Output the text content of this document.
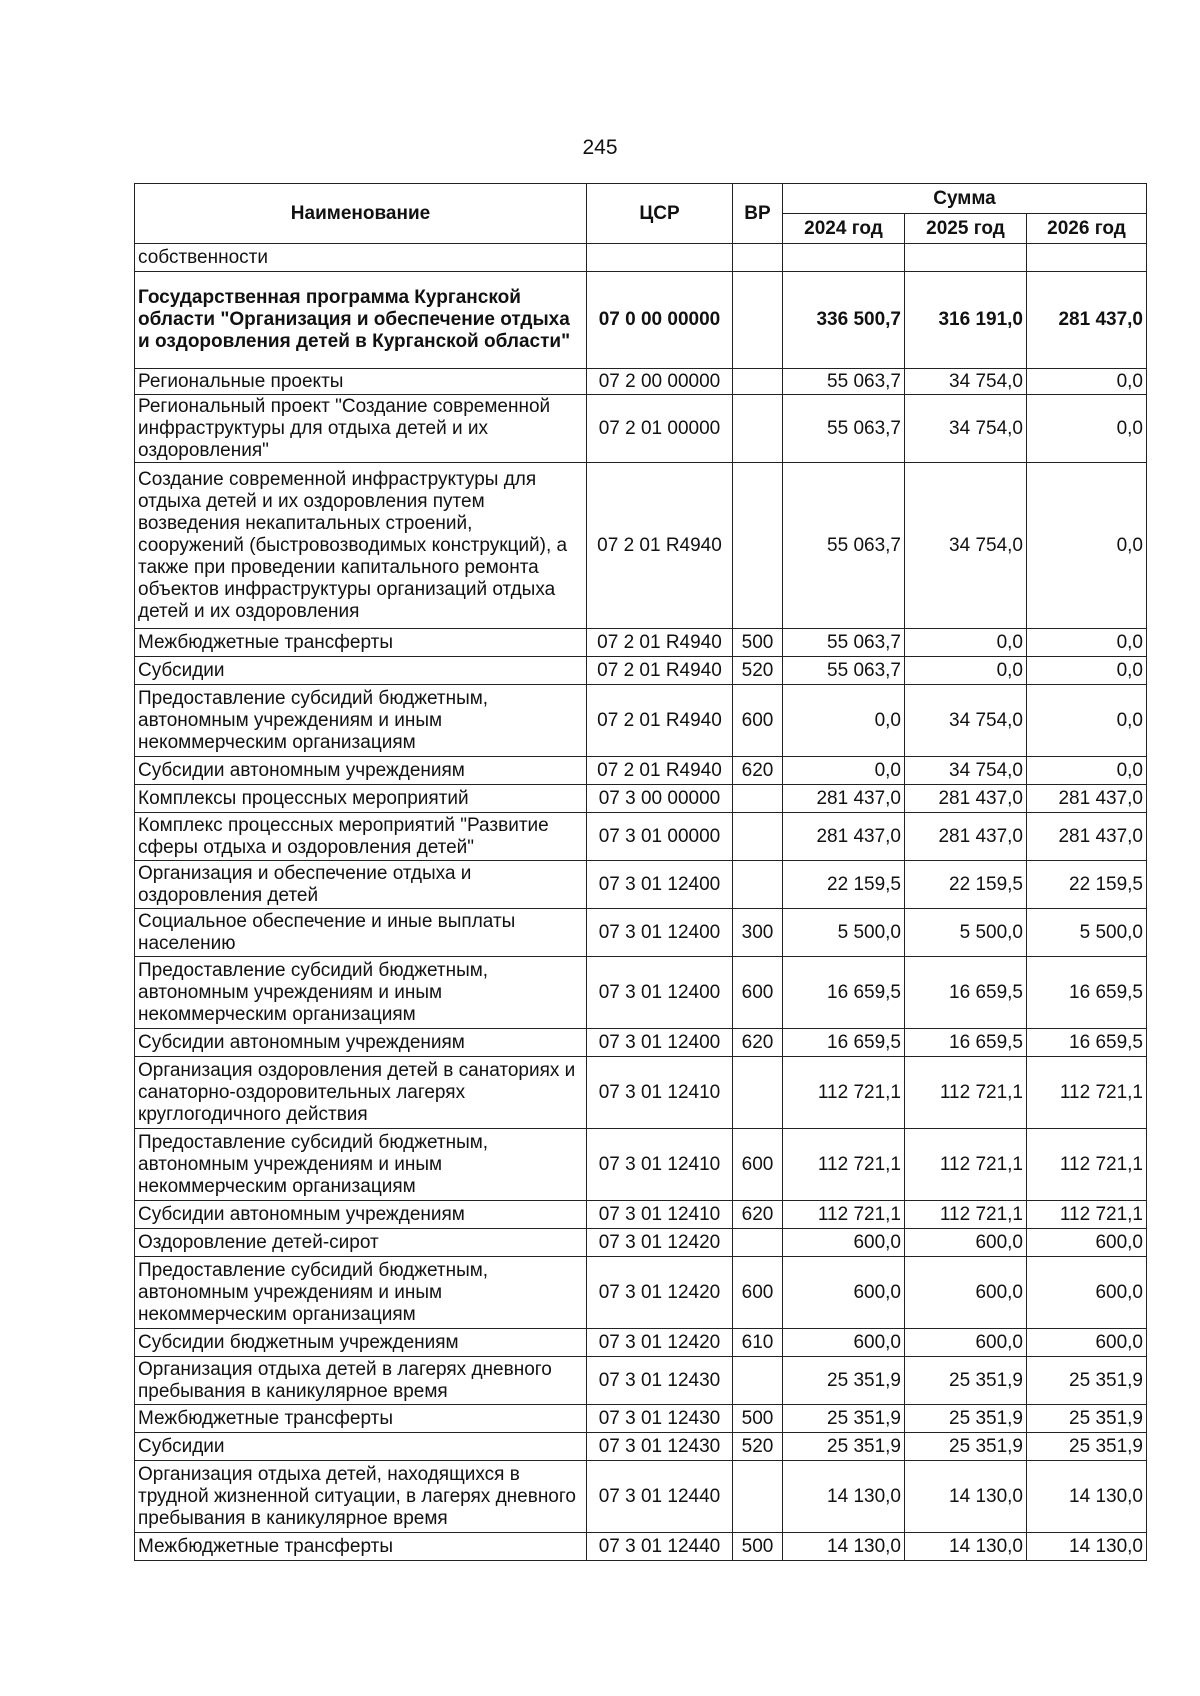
245
Наименование	ЦСР	ВР	Сумма		
			2024 год	2025 год	2026 год
собственности					
Государственная программа Курганской области "Организация и обеспечение отдыха и оздоровления детей в Курганской области"	07 0 00 00000		336 500,7	316 191,0	281 437,0
Региональные проекты	07 2 00 00000		55 063,7	34 754,0	0,0
Региональный проект "Создание современной инфраструктуры для отдыха детей и их оздоровления"	07 2 01 00000		55 063,7	34 754,0	0,0
Создание современной инфраструктуры для отдыха детей и их оздоровления путем возведения некапитальных строений, сооружений (быстровозводимых конструкций), а также при проведении капитального ремонта объектов инфраструктуры организаций отдыха детей и их оздоровления	07 2 01 R4940		55 063,7	34 754,0	0,0
Межбюджетные трансферты	07 2 01 R4940	500	55 063,7	0,0	0,0
Субсидии	07 2 01 R4940	520	55 063,7	0,0	0,0
Предоставление субсидий бюджетным, автономным учреждениям и иным некоммерческим организациям	07 2 01 R4940	600	0,0	34 754,0	0,0
Субсидии автономным учреждениям	07 2 01 R4940	620	0,0	34 754,0	0,0
Комплексы процессных мероприятий	07 3 00 00000		281 437,0	281 437,0	281 437,0
Комплекс процессных мероприятий "Развитие сферы отдыха и оздоровления детей"	07 3 01 00000		281 437,0	281 437,0	281 437,0
Организация и обеспечение отдыха и оздоровления детей	07 3 01 12400		22 159,5	22 159,5	22 159,5
Социальное обеспечение и иные выплаты населению	07 3 01 12400	300	5 500,0	5 500,0	5 500,0
Предоставление субсидий бюджетным, автономным учреждениям и иным некоммерческим организациям	07 3 01 12400	600	16 659,5	16 659,5	16 659,5
Субсидии автономным учреждениям	07 3 01 12400	620	16 659,5	16 659,5	16 659,5
Организация оздоровления детей в санаториях и санаторно-оздоровительных лагерях круглогодичного действия	07 3 01 12410		112 721,1	112 721,1	112 721,1
Предоставление субсидий бюджетным, автономным учреждениям и иным некоммерческим организациям	07 3 01 12410	600	112 721,1	112 721,1	112 721,1
Субсидии автономным учреждениям	07 3 01 12410	620	112 721,1	112 721,1	112 721,1
Оздоровление детей-сирот	07 3 01 12420		600,0	600,0	600,0
Предоставление субсидий бюджетным, автономным учреждениям и иным некоммерческим организациям	07 3 01 12420	600	600,0	600,0	600,0
Субсидии бюджетным учреждениям	07 3 01 12420	610	600,0	600,0	600,0
Организация отдыха детей в лагерях дневного пребывания в каникулярное время	07 3 01 12430		25 351,9	25 351,9	25 351,9
Межбюджетные трансферты	07 3 01 12430	500	25 351,9	25 351,9	25 351,9
Субсидии	07 3 01 12430	520	25 351,9	25 351,9	25 351,9
Организация отдыха детей, находящихся в трудной жизненной ситуации, в лагерях дневного пребывания в каникулярное время	07 3 01 12440		14 130,0	14 130,0	14 130,0
Межбюджетные трансферты	07 3 01 12440	500	14 130,0	14 130,0	14 130,0
